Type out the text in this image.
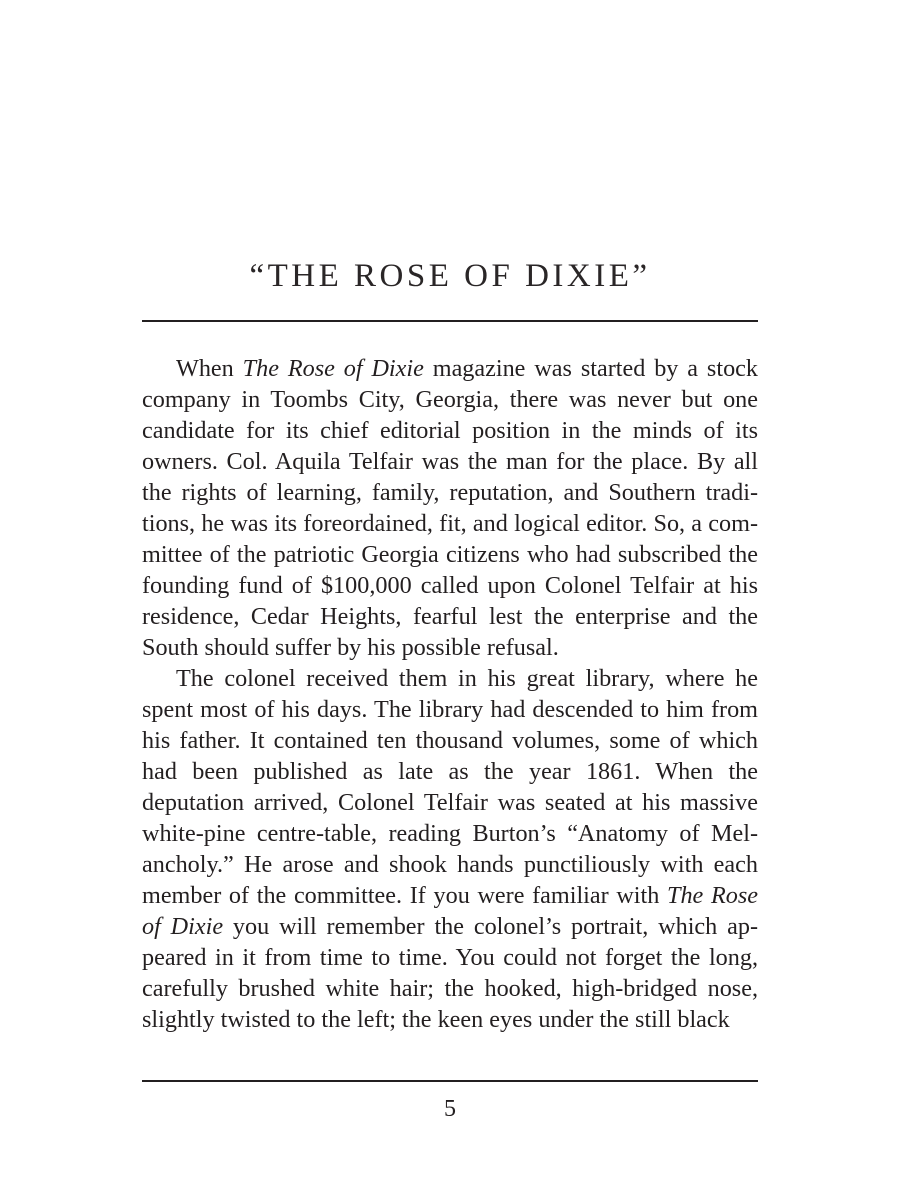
“THE ROSE OF DIXIE”

When The Rose of Dixie magazine was started by a stock company in Toombs City, Georgia, there was never but one candidate for its chief editorial position in the minds of its owners. Col. Aquila Telfair was the man for the place. By all the rights of learning, family, reputation, and Southern traditions, he was its foreordained, fit, and logical editor. So, a committee of the patriotic Georgia citizens who had subscribed the founding fund of $100,000 called upon Colonel Telfair at his residence, Cedar Heights, fearful lest the enterprise and the South should suffer by his possible refusal.

The colonel received them in his great library, where he spent most of his days. The library had descended to him from his father. It contained ten thousand volumes, some of which had been published as late as the year 1861. When the deputation arrived, Colonel Telfair was seated at his massive white-pine centre-table, reading Burton’s “Anatomy of Melancholy.” He arose and shook hands punctiliously with each member of the committee. If you were familiar with The Rose of Dixie you will remember the colonel’s portrait, which appeared in it from time to time. You could not forget the long, carefully brushed white hair; the hooked, high-bridged nose, slightly twisted to the left; the keen eyes under the still black

5
